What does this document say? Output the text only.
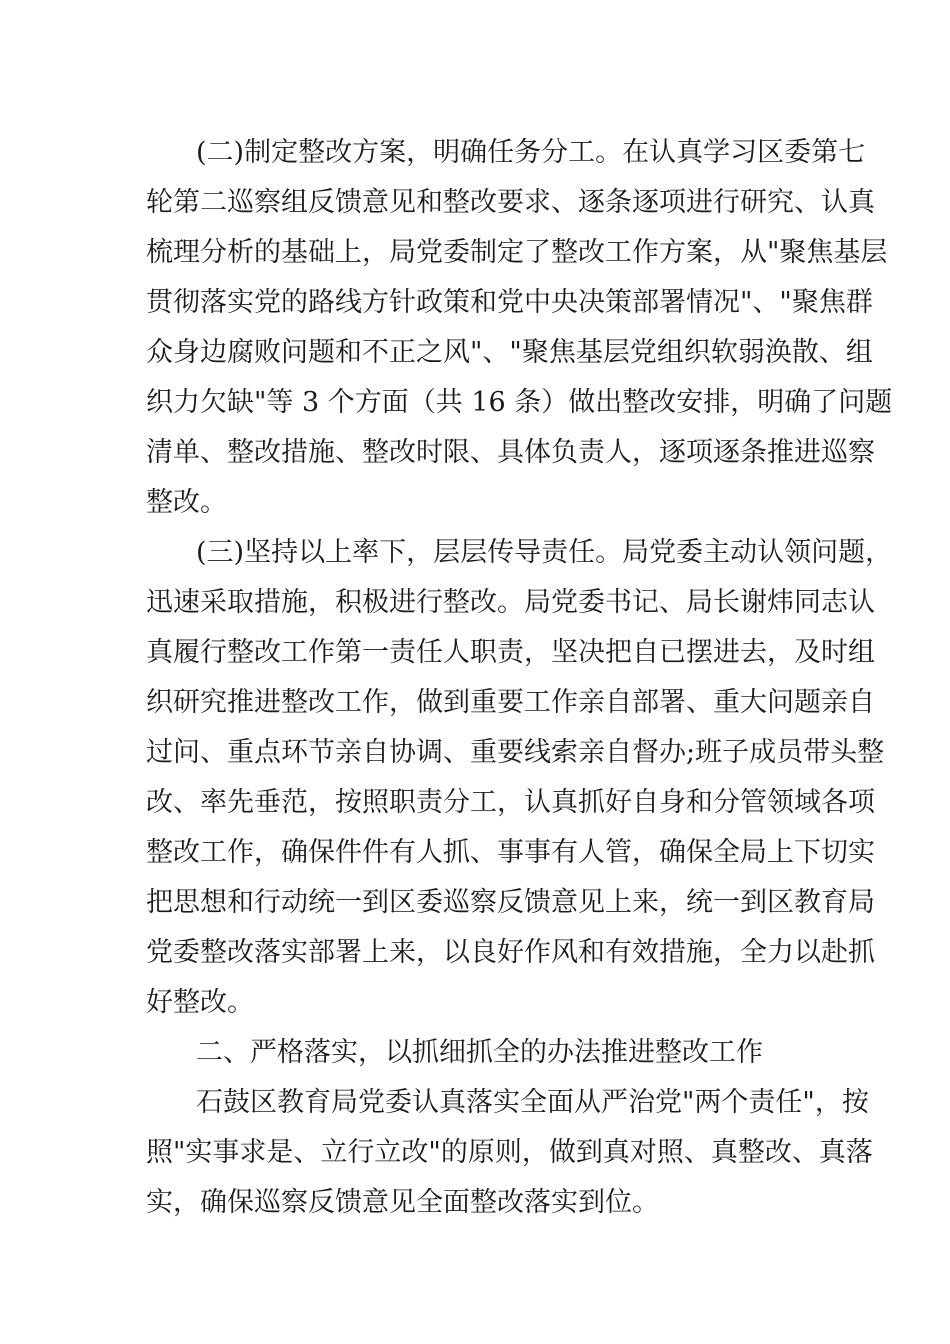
(二)制定整改方案，明确任务分工。在认真学习区委第七
轮第二巡察组反馈意见和整改要求、逐条逐项进行研究、认真
梳理分析的基础上，局党委制定了整改工作方案，从"聚焦基层
贯彻落实党的路线方针政策和党中央决策部署情况"、"聚焦群
众身边腐败问题和不正之风"、"聚焦基层党组织软弱涣散、组
织力欠缺"等 3 个方面（共 16 条）做出整改安排，明确了问题
清单、整改措施、整改时限、具体负责人，逐项逐条推进巡察
整改。
(三)坚持以上率下，层层传导责任。局党委主动认领问题，
迅速采取措施，积极进行整改。局党委书记、局长谢炜同志认
真履行整改工作第一责任人职责，坚决把自已摆进去，及时组
织研究推进整改工作，做到重要工作亲自部署、重大问题亲自
过问、重点环节亲自协调、重要线索亲自督办;班子成员带头整
改、率先垂范，按照职责分工，认真抓好自身和分管领域各项
整改工作，确保件件有人抓、事事有人管，确保全局上下切实
把思想和行动统一到区委巡察反馈意见上来，统一到区教育局
党委整改落实部署上来，以良好作风和有效措施，全力以赴抓
好整改。
二、严格落实，以抓细抓全的办法推进整改工作
石鼓区教育局党委认真落实全面从严治党"两个责任"，按
照"实事求是、立行立改"的原则，做到真对照、真整改、真落
实，确保巡察反馈意见全面整改落实到位。
